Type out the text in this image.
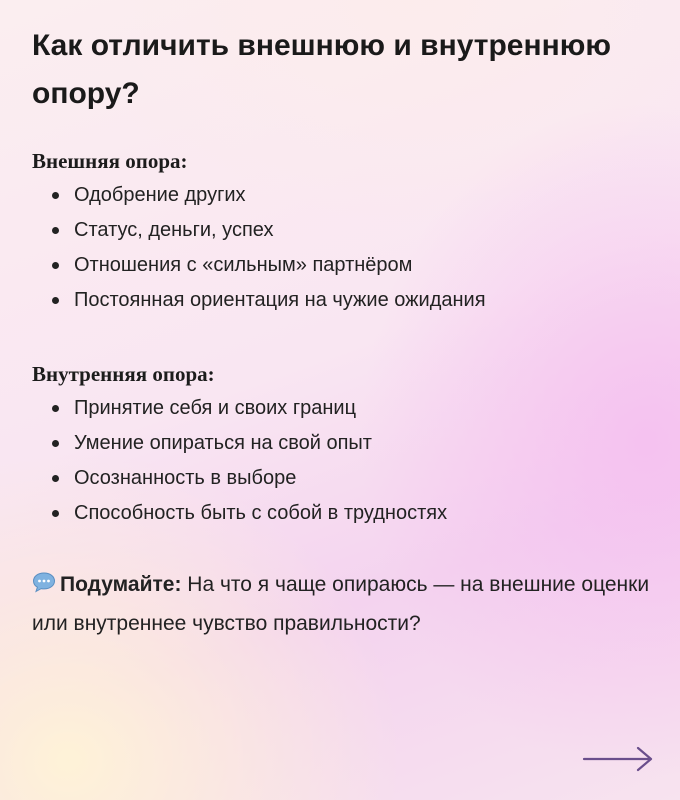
Как отличить внешнюю и внутреннюю опору?
Внешняя опора:
Одобрение других
Статус, деньги, успех
Отношения с «сильным» партнёром
Постоянная ориентация на чужие ожидания
Внутренняя опора:
Принятие себя и своих границ
Умение опираться на свой опыт
Осознанность в выборе
Способность быть с собой в трудностях
Подумайте: На что я чаще опираюсь — на внешние оценки или внутреннее чувство правильности?
